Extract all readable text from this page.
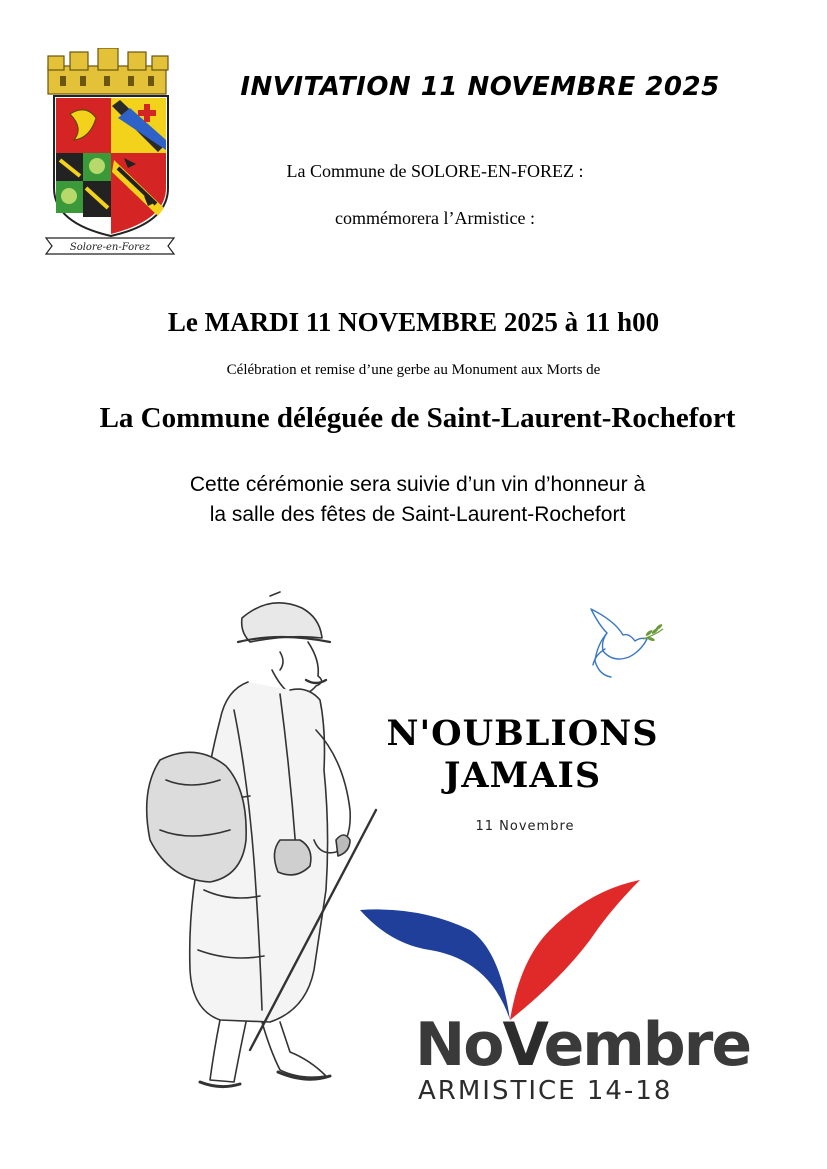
Solore-en-Forez
INVITATION 11 NOVEMBRE 2025
La Commune de SOLORE-EN-FOREZ :
commémorera l’Armistice :
Le MARDI 11 NOVEMBRE 2025 à 11 h00
Célébration et remise d’une gerbe au Monument aux Morts de
La Commune déléguée de Saint-Laurent-Rochefort
Cette cérémonie sera suivie d’un vin d’honneur à
la salle des fêtes de Saint-Laurent-Rochefort
N'OUBLIONS
JAMAIS
11 Novembre
NoVembre
ARMISTICE 14-18
